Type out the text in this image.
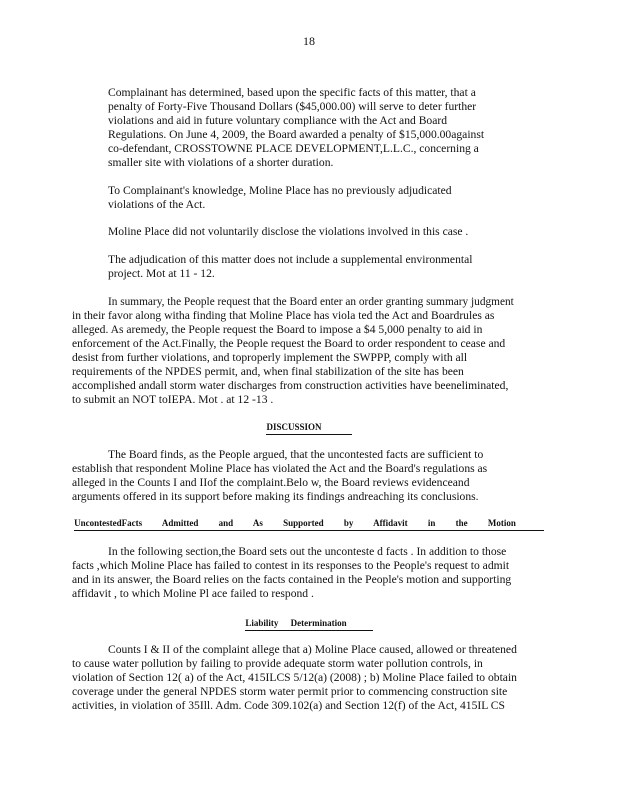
18
Complainant has determined, based upon the specific facts of this matter, that a
penalty of Forty-Five Thousand Dollars ($45,000.00) will serve to deter further
violations and aid in future voluntary compliance with the Act and Board
Regulations. On June 4, 2009, the Board awarded a penalty of $15,000.00against
co-defendant, CROSSTOWNE PLACE DEVELOPMENT,L.L.C., concerning a
smaller site with violations of a shorter duration.
To Complainant's knowledge, Moline Place has no previously adjudicated
violations of the Act.
Moline Place did not voluntarily disclose the violations involved in this case .
The adjudication of this matter does not include a supplemental environmental
project. Mot at 11 - 12.
In summary, the People request that the Board enter an order granting summary judgment
in their favor along witha finding that Moline Place has viola ted the Act and Boardrules as
alleged. As aremedy, the People request the Board to impose a $4 5,000 penalty to aid in
enforcement of the Act.Finally, the People request the Board to order respondent to cease and
desist from further violations, and toproperly implement the SWPPP, comply with all
requirements of the NPDES permit, and, when final stabilization of the site has been
accomplished andall storm water discharges from construction activities have beeneliminated,
to submit an NOT toIEPA. Mot . at 12 -13 .
DISCUSSION
The Board finds, as the People argued, that the uncontested facts are sufficient to
establish that respondent Moline Place has violated the Act and the Board's regulations as
alleged in the Counts I and IIof the complaint.Belo w, the Board reviews evidenceand
arguments offered in its support before making its findings andreaching its conclusions.
UncontestedFacts Admitted and As Supported by Affidavit in the Motion
In the following section,the Board sets out the unconteste d facts . In addition to those
facts ,which Moline Place has failed to contest in its responses to the People's request to admit
and in its answer, the Board relies on the facts contained in the People's motion and supporting
affidavit , to which Moline Pl ace failed to respond .
Liability Determination
Counts I & II of the complaint allege that a) Moline Place caused, allowed or threatened
to cause water pollution by failing to provide adequate storm water pollution controls, in
violation of Section 12( a) of the Act, 415ILCS 5/12(a) (2008) ; b) Moline Place failed to obtain
coverage under the general NPDES storm water permit prior to commencing construction site
activities, in violation of 35Ill. Adm. Code 309.102(a) and Section 12(f) of the Act, 415IL CS
